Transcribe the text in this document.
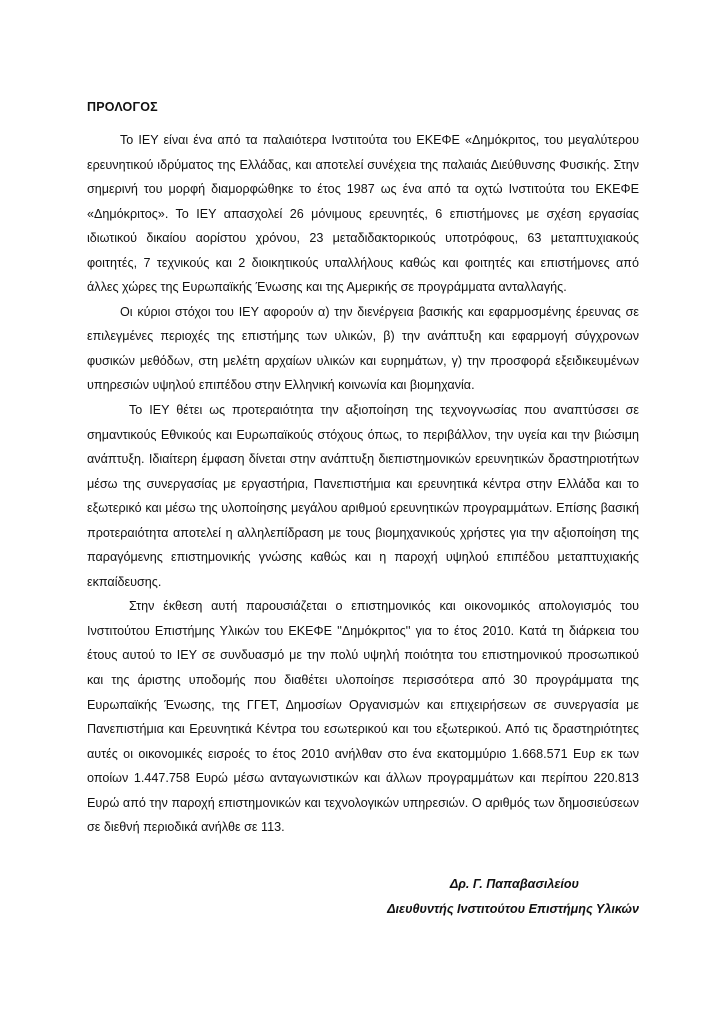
ΠΡΟΛΟΓΟΣ

Το ΙΕΥ είναι ένα από τα παλαιότερα Ινστιτούτα του ΕΚΕΦΕ «Δημόκριτος, του μεγαλύτερου ερευνητικού ιδρύματος της Ελλάδας, και αποτελεί συνέχεια της παλαιάς Διεύθυνσης Φυσικής. Στην σημερινή του μορφή διαμορφώθηκε το έτος 1987 ως ένα από τα οχτώ Ινστιτούτα του ΕΚΕΦΕ «Δημόκριτος». Το ΙΕΥ απασχολεί 26 μόνιμους ερευνητές, 6 επιστήμονες με σχέση εργασίας ιδιωτικού δικαίου αορίστου χρόνου, 23 μεταδιδακτορικούς υποτρόφους, 63 μεταπτυχιακούς φοιτητές, 7 τεχνικούς και 2 διοικητικούς υπαλλήλους καθώς και φοιτητές και επιστήμονες από άλλες χώρες της Ευρωπαϊκής Ένωσης και της Αμερικής σε προγράμματα ανταλλαγής.

Οι κύριοι στόχοι του ΙΕΥ αφορούν α) την διενέργεια βασικής και εφαρμοσμένης έρευνας σε επιλεγμένες περιοχές της επιστήμης των υλικών, β) την ανάπτυξη και εφαρμογή σύγχρονων φυσικών μεθόδων, στη μελέτη αρχαίων υλικών και ευρημάτων, γ) την προσφορά εξειδικευμένων υπηρεσιών υψηλού επιπέδου στην Ελληνική κοινωνία και βιομηχανία.

Το ΙΕΥ θέτει ως προτεραιότητα την αξιοποίηση της τεχνογνωσίας που αναπτύσσει σε σημαντικούς Εθνικούς και Ευρωπαϊκούς στόχους όπως, το περιβάλλον, την υγεία και την βιώσιμη ανάπτυξη. Ιδιαίτερη έμφαση δίνεται στην ανάπτυξη διεπιστημονικών ερευνητικών δραστηριοτήτων μέσω της συνεργασίας με εργαστήρια, Πανεπιστήμια και ερευνητικά κέντρα στην Ελλάδα και το εξωτερικό και μέσω της υλοποίησης μεγάλου αριθμού ερευνητικών προγραμμάτων. Επίσης βασική προτεραιότητα αποτελεί η αλληλεπίδραση με τους βιομηχανικούς χρήστες για την αξιοποίηση της παραγόμενης επιστημονικής γνώσης καθώς και η παροχή υψηλού επιπέδου μεταπτυχιακής εκπαίδευσης.

Στην έκθεση αυτή παρουσιάζεται ο επιστημονικός και οικονομικός απολογισμός του Ινστιτούτου Επιστήμης Υλικών του ΕΚΕΦΕ ''Δημόκριτος'' για το έτος 2010. Κατά τη διάρκεια του έτους αυτού το ΙΕΥ σε συνδυασμό με την πολύ υψηλή ποιότητα του επιστημονικού προσωπικού και της άριστης υποδομής που διαθέτει υλοποίησε περισσότερα από 30 προγράμματα της Ευρωπαϊκής Ένωσης, της ΓΓΕΤ, Δημοσίων Οργανισμών και επιχειρήσεων σε συνεργασία με Πανεπιστήμια και Ερευνητικά Κέντρα του εσωτερικού και του εξωτερικού. Από τις δραστηριότητες αυτές οι οικονομικές εισροές το έτος 2010 ανήλθαν στο ένα εκατομμύριο 1.668.571 Ευρ εκ των οποίων 1.447.758 Ευρώ μέσω ανταγωνιστικών και άλλων προγραμμάτων και περίπου 220.813 Ευρώ από την παροχή επιστημονικών και τεχνολογικών υπηρεσιών. Ο αριθμός των δημοσιεύσεων σε διεθνή περιοδικά ανήλθε σε 113.

Δρ. Γ. Παπαβασιλείου
Διευθυντής Ινστιτούτου Επιστήμης Υλικών
